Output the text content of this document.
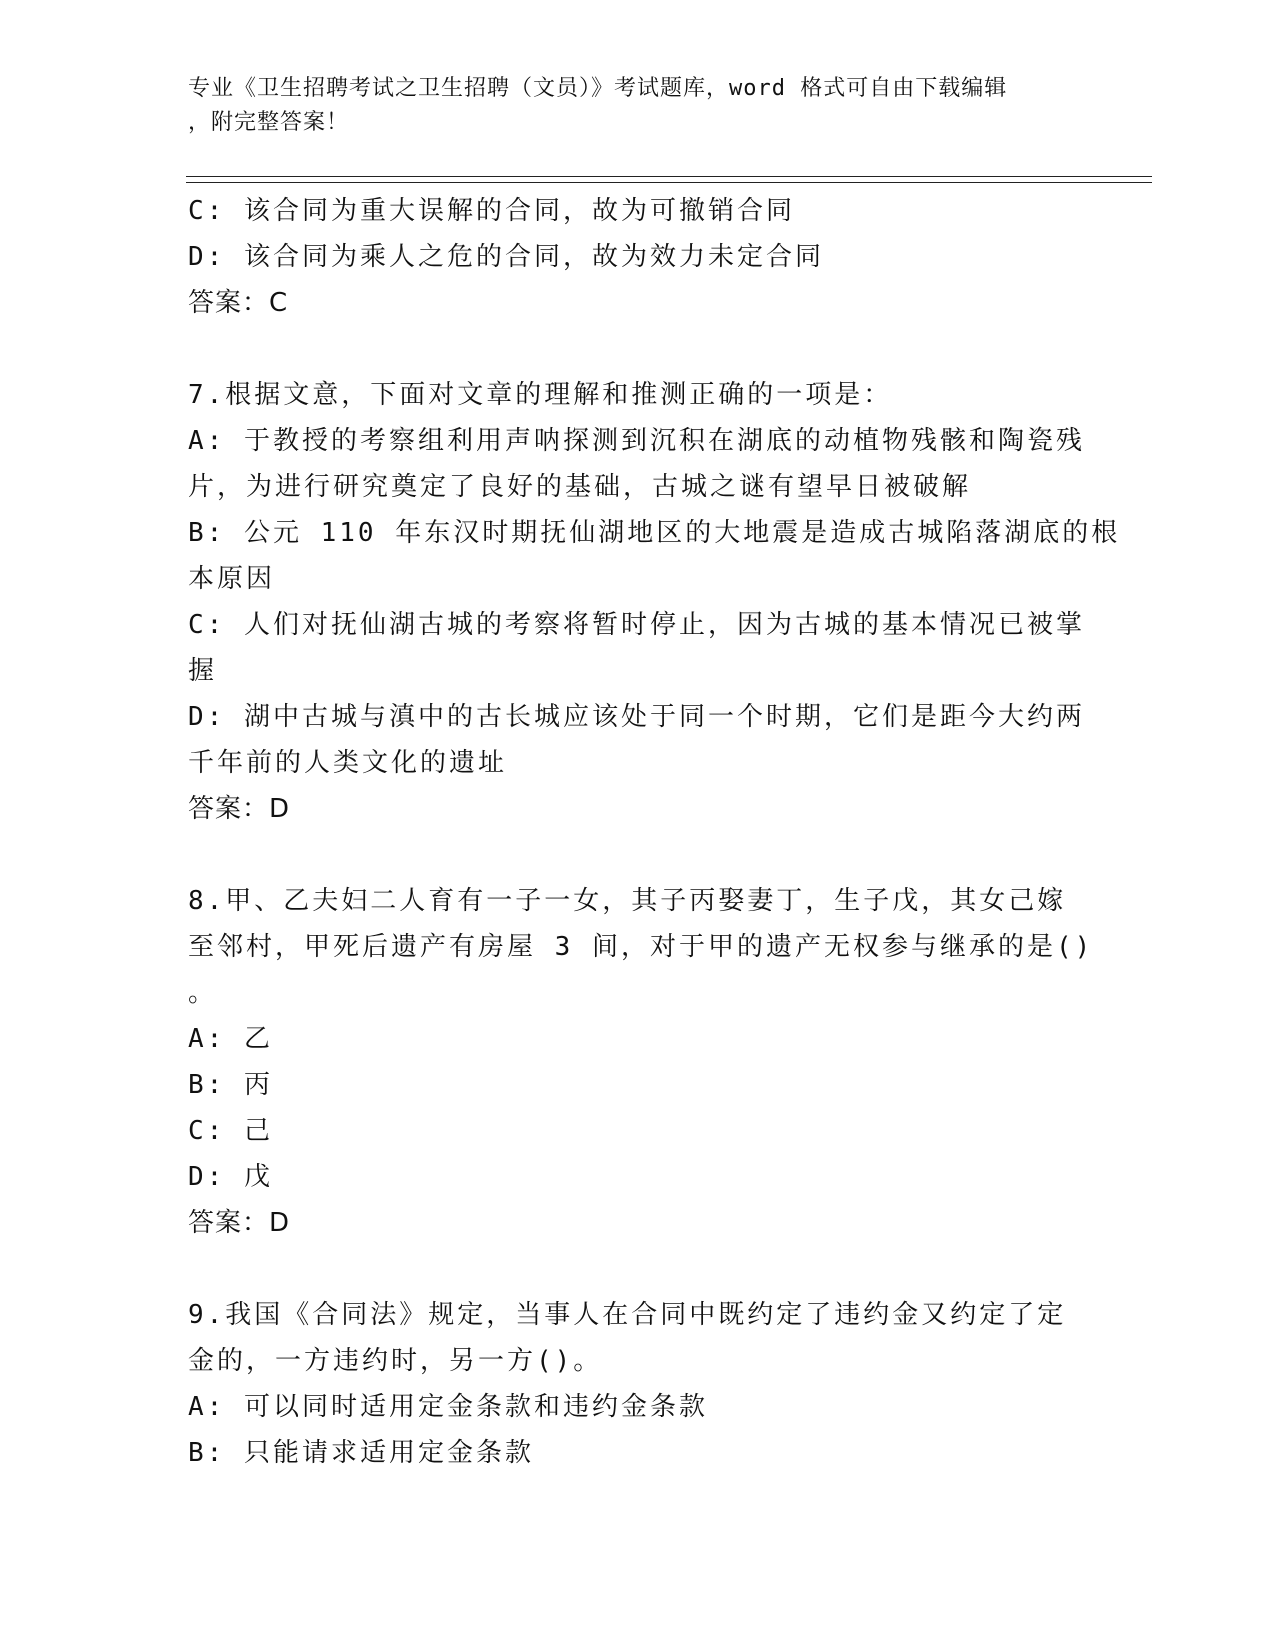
专业《卫生招聘考试之卫生招聘（文员）》考试题库，word 格式可自由下载编辑
，附完整答案！
C: 该合同为重大误解的合同，故为可撤销合同
D: 该合同为乘人之危的合同，故为效力未定合同
答案：C
7.根据文意，下面对文章的理解和推测正确的一项是：
A: 于教授的考察组利用声呐探测到沉积在湖底的动植物残骸和陶瓷残
片，为进行研究奠定了良好的基础，古城之谜有望早日被破解
B: 公元 110 年东汉时期抚仙湖地区的大地震是造成古城陷落湖底的根
本原因
C: 人们对抚仙湖古城的考察将暂时停止，因为古城的基本情况已被掌
握
D: 湖中古城与滇中的古长城应该处于同一个时期，它们是距今大约两
千年前的人类文化的遗址
答案：D
8.甲、乙夫妇二人育有一子一女，其子丙娶妻丁，生子戊，其女己嫁
至邻村，甲死后遗产有房屋 3 间，对于甲的遗产无权参与继承的是()
。
A: 乙
B: 丙
C: 己
D: 戊
答案：D
9.我国《合同法》规定，当事人在合同中既约定了违约金又约定了定
金的，一方违约时，另一方()。
A: 可以同时适用定金条款和违约金条款
B: 只能请求适用定金条款
